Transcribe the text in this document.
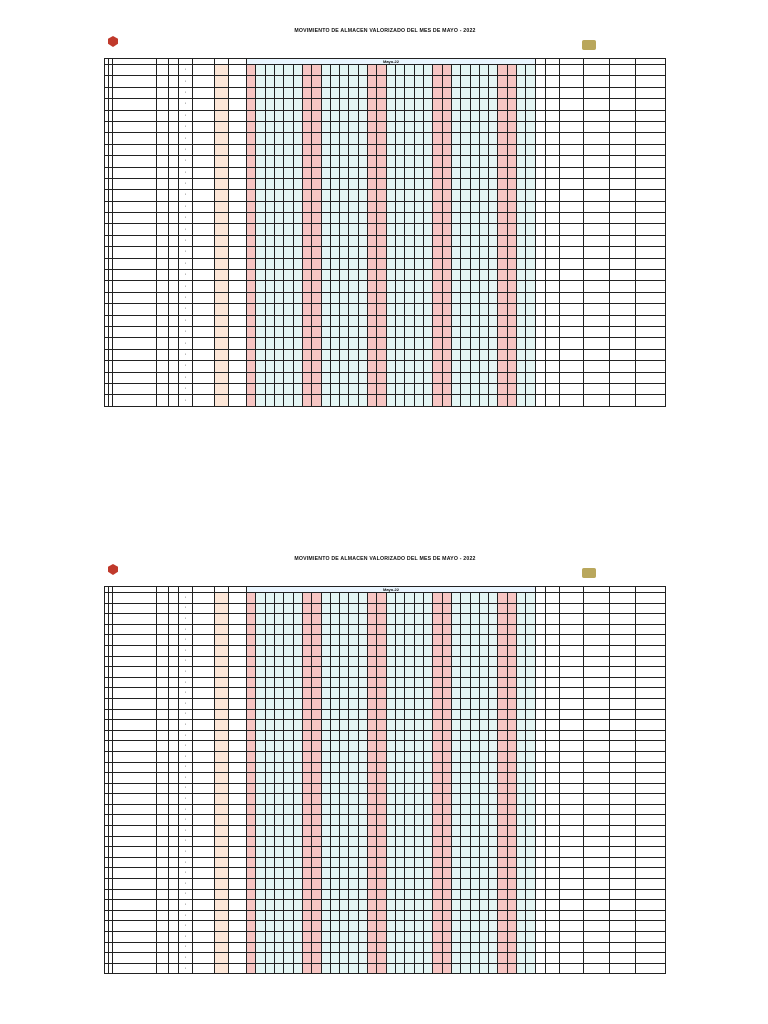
MOVIMIENTO DE ALMACEN VALORIZADO DEL MES DE MAYO - 2022
									Mayo-22																																				
					1																																								
					1																																								
					1																																								
					1																																								
					1																																								
					1																																								
					1																																								
					1																																								
					1																																								
					1																																								
					1																																								
					1																																								
					1																																								
					1																																								
					1																																								
					1																																								
					1																																								
					1																																								
					1																																								
					1																																								
					1																																								
					1																																								
					1																																								
					1																																								
					1																																								
					1																																								
					1																																								
					1																																								
					1																																								
					1																																								
MOVIMIENTO DE ALMACEN VALORIZADO DEL MES DE MAYO - 2022
									Mayo-22																																				
					1																																								
					1																																								
					1																																								
					1																																								
					1																																								
					1																																								
					1																																								
					1																																								
					1																																								
					1																																								
					1																																								
					1																																								
					1																																								
					1																																								
					1																																								
					1																																								
					1																																								
					1																																								
					1																																								
					1																																								
					1																																								
					1																																								
					1																																								
					1																																								
					1																																								
					1																																								
					1																																								
					1																																								
					1																																								
					1																																								
					1																																								
					1																																								
					1																																								
					1																																								
					1																																								
					1																																								
